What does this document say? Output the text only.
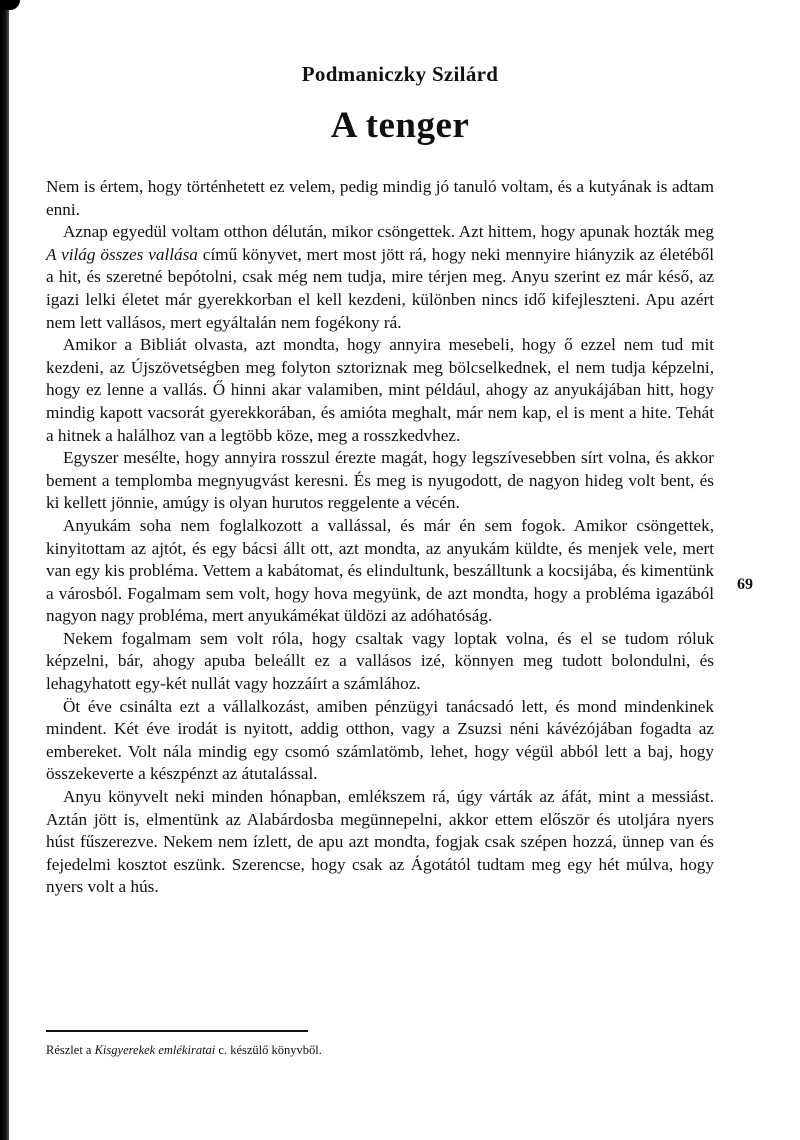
Podmaniczky Szilárd
A tenger

Nem is értem, hogy történhetett ez velem, pedig mindig jó tanuló voltam, és a kutyának is adtam enni.

Aznap egyedül voltam otthon délután, mikor csöngettek. Azt hittem, hogy apunak hozták meg A világ összes vallása című könyvet, mert most jött rá, hogy neki mennyire hiányzik az életéből a hit, és szeretné bepótolni, csak még nem tudja, mire térjen meg. Anyu szerint ez már késő, az igazi lelki életet már gyerekkorban el kell kezdeni, különben nincs idő kifejleszteni. Apu azért nem lett vallásos, mert egyáltalán nem fogékony rá.

Amikor a Bibliát olvasta, azt mondta, hogy annyira mesebeli, hogy ő ezzel nem tud mit kezdeni, az Újszövetségben meg folyton sztoriznak meg bölcselkednek, el nem tudja képzelni, hogy ez lenne a vallás. Ő hinni akar valamiben, mint például, ahogy az anyukájában hitt, hogy mindig kapott vacsorát gyerekkorában, és amióta meghalt, már nem kap, el is ment a hite. Tehát a hitnek a halálhoz van a legtöbb köze, meg a rosszkedvhez.

Egyszer mesélte, hogy annyira rosszul érezte magát, hogy legszívesebben sírt volna, és akkor bement a templomba megnyugvást keresni. És meg is nyugodott, de nagyon hideg volt bent, és ki kellett jönnie, amúgy is olyan hurutos reggelente a vécén.

Anyukám soha nem foglalkozott a vallással, és már én sem fogok. Amikor csöngettek, kinyitottam az ajtót, és egy bácsi állt ott, azt mondta, az anyukám küldte, és menjek vele, mert van egy kis probléma. Vettem a kabátomat, és elindultunk, beszálltunk a kocsijába, és kimentünk a városból. Fogalmam sem volt, hogy hova megyünk, de azt mondta, hogy a probléma igazából nagyon nagy probléma, mert anyukámékat üldözi az adóhatóság.

Nekem fogalmam sem volt róla, hogy csaltak vagy loptak volna, és el se tudom róluk képzelni, bár, ahogy apuba beleállt ez a vallásos izé, könnyen meg tudott bolondulni, és lehagyhatott egy-két nullát vagy hozzáírt a számlához.

Öt éve csinálta ezt a vállalkozást, amiben pénzügyi tanácsadó lett, és mond mindenkinek mindent. Két éve irodát is nyitott, addig otthon, vagy a Zsuzsi néni kávézójában fogadta az embereket. Volt nála mindig egy csomó számlatömb, lehet, hogy végül abból lett a baj, hogy összekeverte a készpénzt az átutalással.

Anyu könyvelt neki minden hónapban, emlékszem rá, úgy várták az áfát, mint a messiást. Aztán jött is, elmentünk az Alabárdosba megünnepelni, akkor ettem először és utoljára nyers húst fűszerezve. Nekem nem ízlett, de apu azt mondta, fogjak csak szépen hozzá, ünnep van és fejedelmi kosztot eszünk. Szerencse, hogy csak az Ágotától tudtam meg egy hét múlva, hogy nyers volt a hús.

69
Részlet a Kisgyerekek emlékiratai c. készülő könyvből.
